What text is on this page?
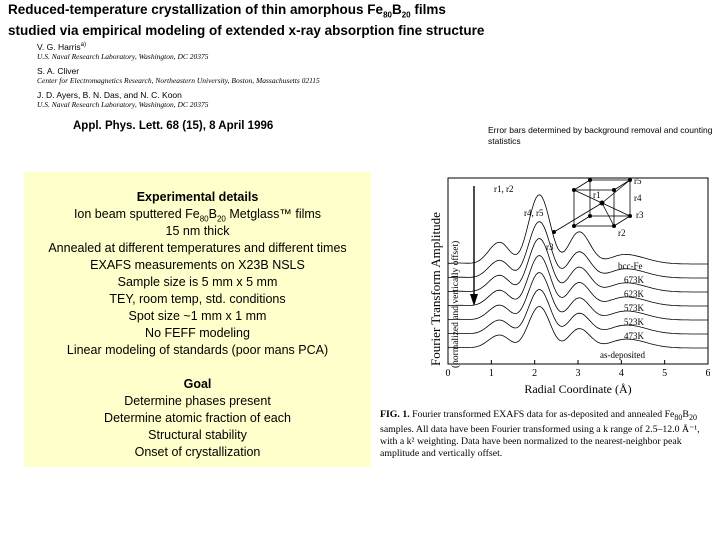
Reduced-temperature crystallization of thin amorphous $Fe_{80}B_{20}$ films
studied via empirical modeling of extended x-ray absorption fine structure
V. G. Harris$^{a)}$
U.S. Naval Research Laboratory, Washington, DC 20375
S. A. Cliver
Center for Electromagnetics Research, Northeastern University, Boston, Massachusetts 02115
J. D. Ayers, B. N. Das, and N. C. Koon
U.S. Naval Research Laboratory, Washington, DC 20375
Appl. Phys. Lett. 68 (15), 8 April 1996	Error bars determined by background removal and counting statistics
Experimental details
Ion beam sputtered $Fe_{80}B_{20}$ Metglass™ films
15 nm thick
Annealed at different temperatures and different times
EXAFS measurements on X23B NSLS
Sample size is 5 mm x 5 mm
TEY, room temp, std. conditions
Spot size ~1 mm x 1 mm
No FEFF modeling
Linear modeling of standards (poor mans PCA)
Goal
Determine phases present
Determine atomic fraction of each
Structural stability
Onset of crystallization
Fourier Transform Amplitude (normalized and vertically offset)	bcc-Fe
673K
623K
573K
523K
473K
as-deposited
r1, r2
r4, r5
r3
r5
r1	r4
r3
r2
0	1	2	3	4	5	6
Radial Coordinate (Å)
FIG. 1. Fourier transformed EXAFS data for as-deposited and annealed $Fe_{80}B_{20}$ samples. All data have been Fourier transformed using a k range of 2.5–12.0 Å⁻¹, with a k² weighting. Data have been normalized to the nearest-neighbor peak amplitude and vertically offset.
